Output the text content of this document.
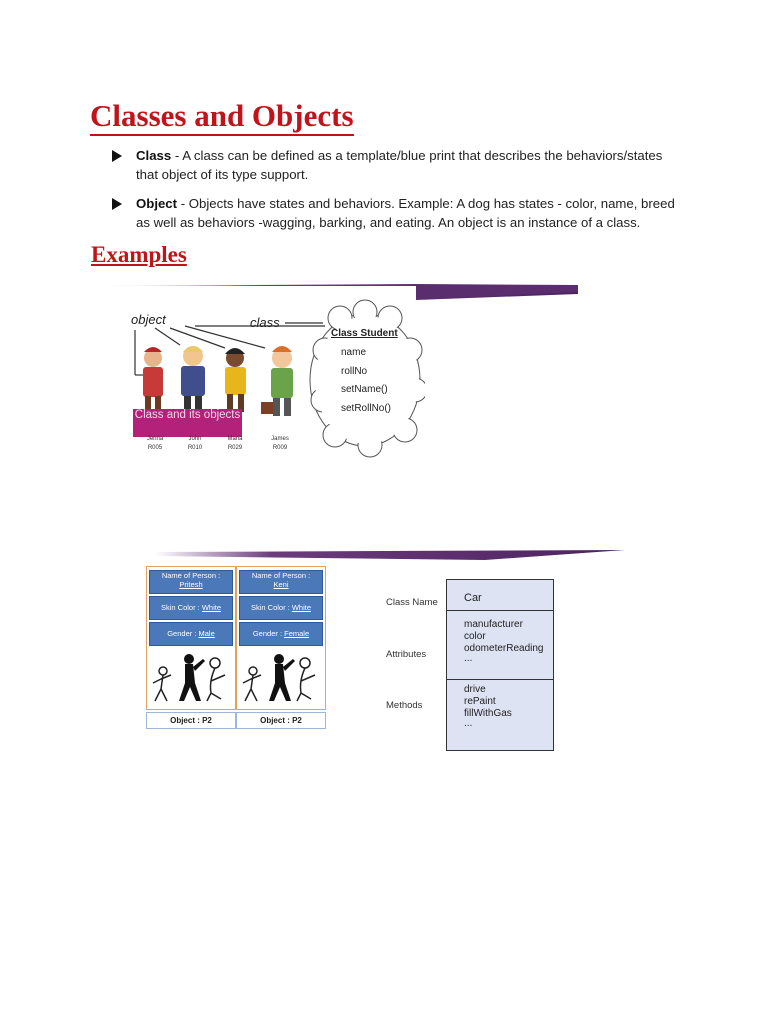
Classes and Objects
Class - A class can be defined as a template/blue print that describes the behaviors/states that object of its type support.
Object - Objects have states and behaviors. Example: A dog has states - color, name, breed as well as behaviors -wagging, barking, and eating. An object is an instance of a class.
Examples
object	class
Class Student
name
rollNo
setName()
setRollNo()
Class and its objects
Jenna
R005
John
R010
Maria
R029
James
R009
Name of Person :
Pritesh
Skin Color : White
Gender : Male
Object : P2
Name of Person :
Keni
Skin Color : White
Gender : Female
Object : P2
Class Name
Attributes
Methods
Car
manufacturer
color
odometerReading
...
drive
rePaint
fillWithGas
...
